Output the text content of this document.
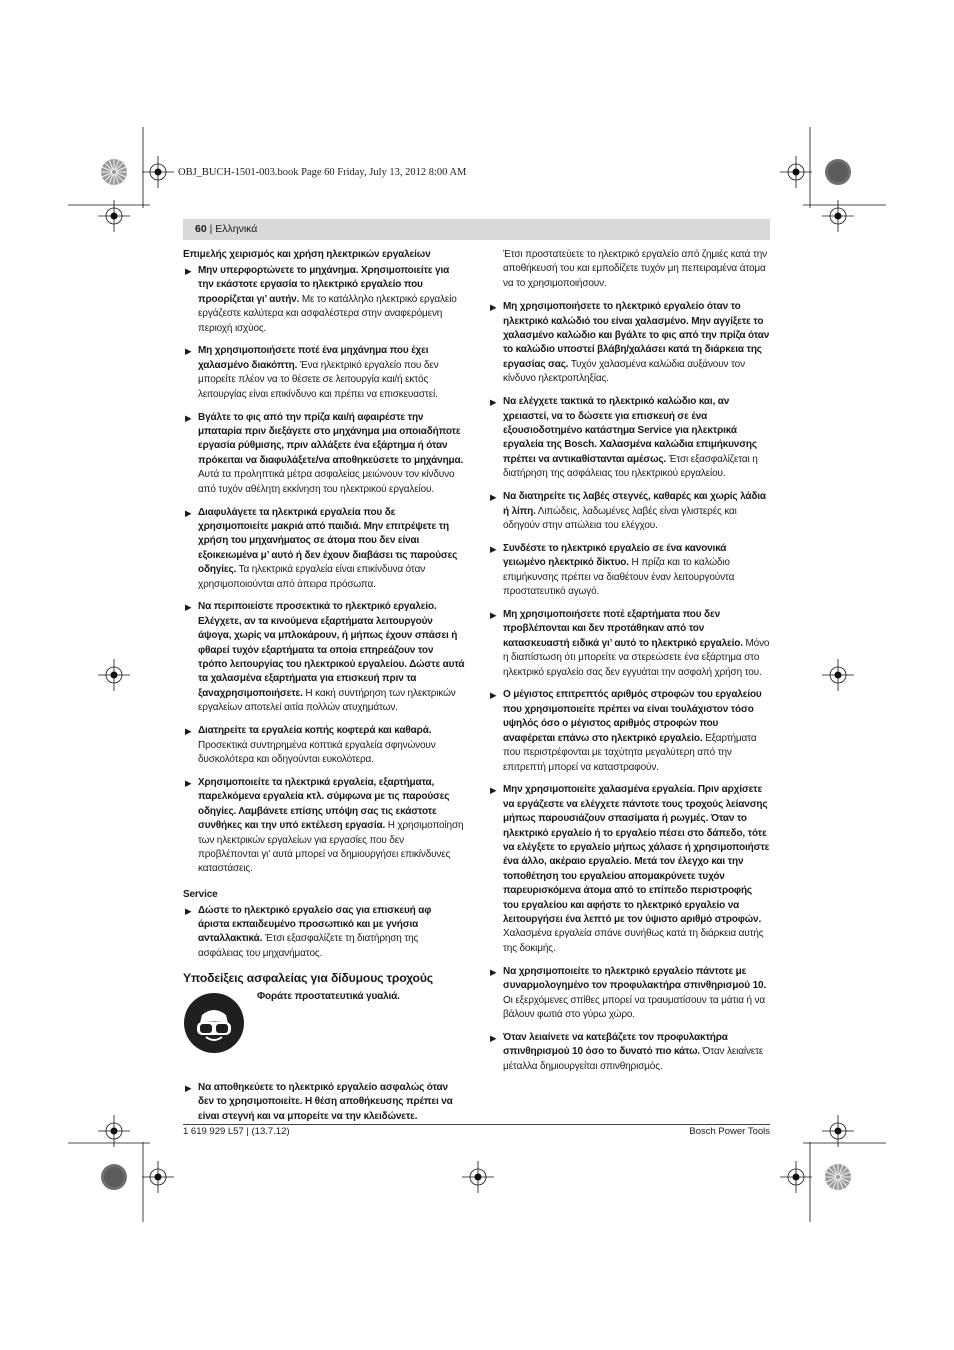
OBJ_BUCH-1501-003.book Page 60 Friday, July 13, 2012 8:00 AM
60 | Ελληνικά
Επιμελής χειρισμός και χρήση ηλεκτρικών εργαλείων
▶ Μην υπερφορτώνετε το μηχάνημα. Χρησιμοποιείτε για την εκάστοτε εργασία το ηλεκτρικό εργαλείο που προορίζεται γι’ αυτήν. Με το κατάλληλο ηλεκτρικό εργαλείο εργάζεστε καλύτερα και ασφαλέστερα στην αναφερόμενη περιοχή ισχύος.
▶ Μη χρησιμοποιήσετε ποτέ ένα μηχάνημα που έχει χαλασμένο διακόπτη. Ένα ηλεκτρικό εργαλείο που δεν μπορείτε πλέον να το θέσετε σε λειτουργία και/ή εκτός λειτουργίας είναι επικίνδυνο και πρέπει να επισκευαστεί.
▶ Βγάλτε το φις από την πρίζα και/ή αφαιρέστε την μπαταρία πριν διεξάγετε στο μηχάνημα μια οποιαδήποτε εργασία ρύθμισης, πριν αλλάξετε ένα εξάρτημα ή όταν πρόκειται να διαφυλάξετε/να αποθηκεύσετε το μηχάνημα. Αυτά τα προληπτικά μέτρα ασφαλείας μειώνουν τον κίνδυνο από τυχόν αθέλητη εκκίνηση του ηλεκτρικού εργαλείου.
▶ Διαφυλάγετε τα ηλεκτρικά εργαλεία που δε χρησιμοποιείτε μακριά από παιδιά. Μην επιτρέψετε τη χρήση του μηχανήματος σε άτομα που δεν είναι εξοικειωμένα μ’ αυτό ή δεν έχουν διαβάσει τις παρούσες οδηγίες. Τα ηλεκτρικά εργαλεία είναι επικίνδυνα όταν χρησιμοποιούνται από άπειρα πρόσωπα.
▶ Να περιποιείστε προσεκτικά το ηλεκτρικό εργαλείο. Ελέγχετε, αν τα κινούμενα εξαρτήματα λειτουργούν άψογα, χωρίς να μπλοκάρουν, ή μήπως έχουν σπάσει ή φθαρεί τυχόν εξαρτήματα τα οποία επηρεάζουν τον τρόπο λειτουργίας του ηλεκτρικού εργαλείου. Δώστε αυτά τα χαλασμένα εξαρτήματα για επισκευή πριν τα ξαναχρησιμοποιήσετε. Η κακή συντήρηση των ηλεκτρικών εργαλείων αποτελεί αιτία πολλών ατυχημάτων.
▶ Διατηρείτε τα εργαλεία κοπής κοφτερά και καθαρά. Προσεκτικά συντηρημένα κοπτικά εργαλεία σφηνώνουν δυσκολότερα και οδηγούνται ευκολότερα.
▶ Χρησιμοποιείτε τα ηλεκτρικά εργαλεία, εξαρτήματα, παρελκόμενα εργαλεία κτλ. σύμφωνα με τις παρούσες οδηγίες. Λαμβάνετε επίσης υπόψη σας τις εκάστοτε συνθήκες και την υπό εκτέλεση εργασία. Η χρησιμοποίηση των ηλεκτρικών εργαλείων για εργασίες που δεν προβλέπονται γι’ αυτά μπορεί να δημιουργήσει επικίνδυνες καταστάσεις.
Service
▶ Δώστε το ηλεκτρικό εργαλείο σας για επισκευή αφ άριστα εκπαιδευμένο προσωπικό και με γνήσια ανταλλακτικά. Έτσι εξασφαλίζετε τη διατήρηση της ασφάλειας του μηχανήματος.
Υποδείξεις ασφαλείας για δίδυμους τροχούς
Φοράτε προστατευτικά γυαλιά.
▶ Να αποθηκεύετε το ηλεκτρικό εργαλείο ασφαλώς όταν δεν το χρησιμοποιείτε. Η θέση αποθήκευσης πρέπει να είναι στεγνή και να μπορείτε να την κλειδώνετε.
Έτσι προστατεύετε το ηλεκτρικό εργαλείο από ζημιές κατά την αποθήκευσή του και εμποδίζετε τυχόν μη πεπειραμένα άτομα να το χρησιμοποιήσουν.
▶ Μη χρησιμοποιήσετε το ηλεκτρικό εργαλείο όταν το ηλεκτρικό καλώδιό του είναι χαλασμένο. Μην αγγίξετε το χαλασμένο καλώδιο και βγάλτε το φις από την πρίζα όταν το καλώδιο υποστεί βλάβη/χαλάσει κατά τη διάρκεια της εργασίας σας. Τυχόν χαλασμένα καλώδια αυξάνουν τον κίνδυνο ηλεκτροπληξίας.
▶ Να ελέγχετε τακτικά το ηλεκτρικό καλώδιο και, αν χρειαστεί, να το δώσετε για επισκευή σε ένα εξουσιοδοτημένο κατάστημα Service για ηλεκτρικά εργαλεία της Bosch. Χαλασμένα καλώδια επιμήκυνσης πρέπει να αντικαθίστανται αμέσως. Έτσι εξασφαλίζεται η διατήρηση της ασφάλειας του ηλεκτρικού εργαλείου.
▶ Να διατηρείτε τις λαβές στεγνές, καθαρές και χωρίς λάδια ή λίπη. Λιπώδεις, λαδωμένες λαβές είναι γλιστερές και οδηγούν στην απώλεια του ελέγχου.
▶ Συνδέστε το ηλεκτρικό εργαλείο σε ένα κανονικά γειωμένο ηλεκτρικό δίκτυο. Η πρίζα και το καλώδιο επιμήκυνσης πρέπει να διαθέτουν έναν λειτουργούντα προστατευτικό αγωγό.
▶ Μη χρησιμοποιήσετε ποτέ εξαρτήματα που δεν προβλέπονται και δεν προτάθηκαν από τον κατασκευαστή ειδικά γι’ αυτό το ηλεκτρικό εργαλείο. Μόνο η διαπίστωση ότι μπορείτε να στερεώσετε ένα εξάρτημα στο ηλεκτρικό εργαλείο σας δεν εγγυάται την ασφαλή χρήση του.
▶ Ο μέγιστος επιτρεπτός αριθμός στροφών του εργαλείου που χρησιμοποιείτε πρέπει να είναι τουλάχιστον τόσο υψηλός όσο ο μέγιστος αριθμός στροφών που αναφέρεται επάνω στο ηλεκτρικό εργαλείο. Εξαρτήματα που περιστρέφονται με ταχύτητα μεγαλύτερη από την επιτρεπτή μπορεί να καταστραφούν.
▶ Μην χρησιμοποιείτε χαλασμένα εργαλεία. Πριν αρχίσετε να εργάζεστε να ελέγχετε πάντοτε τους τροχούς λείανσης μήπως παρουσιάζουν σπασίματα ή ρωγμές. Όταν το ηλεκτρικό εργαλείο ή το εργαλείο πέσει στο δάπεδο, τότε να ελέγξετε το εργαλείο μήπως χάλασε ή χρησιμοποιήστε ένα άλλο, ακέραιο εργαλείο. Μετά τον έλεγχο και την τοποθέτηση του εργαλείου απομακρύνετε τυχόν παρευρισκόμενα άτομα από το επίπεδο περιστροφής του εργαλείου και αφήστε το ηλεκτρικό εργαλείο να λειτουργήσει ένα λεπτό με τον ύψιστο αριθμό στροφών. Χαλασμένα εργαλεία σπάνε συνήθως κατά τη διάρκεια αυτής της δοκιμής.
▶ Να χρησιμοποιείτε το ηλεκτρικό εργαλείο πάντοτε με συναρμολογημένο τον προφυλακτήρα σπινθηρισμού 10. Οι εξερχόμενες σπίθες μπορεί να τραυματίσουν τα μάτια ή να βάλουν φωτιά στο γύρω χώρο.
▶ Όταν λειαίνετε να κατεβάζετε τον προφυλακτήρα σπινθηρισμού 10 όσο το δυνατό πιο κάτω. Όταν λειαίνετε μέταλλα δημιουργείται σπινθηρισμός.
1 619 929 L57 | (13.7.12)	Bosch Power Tools
